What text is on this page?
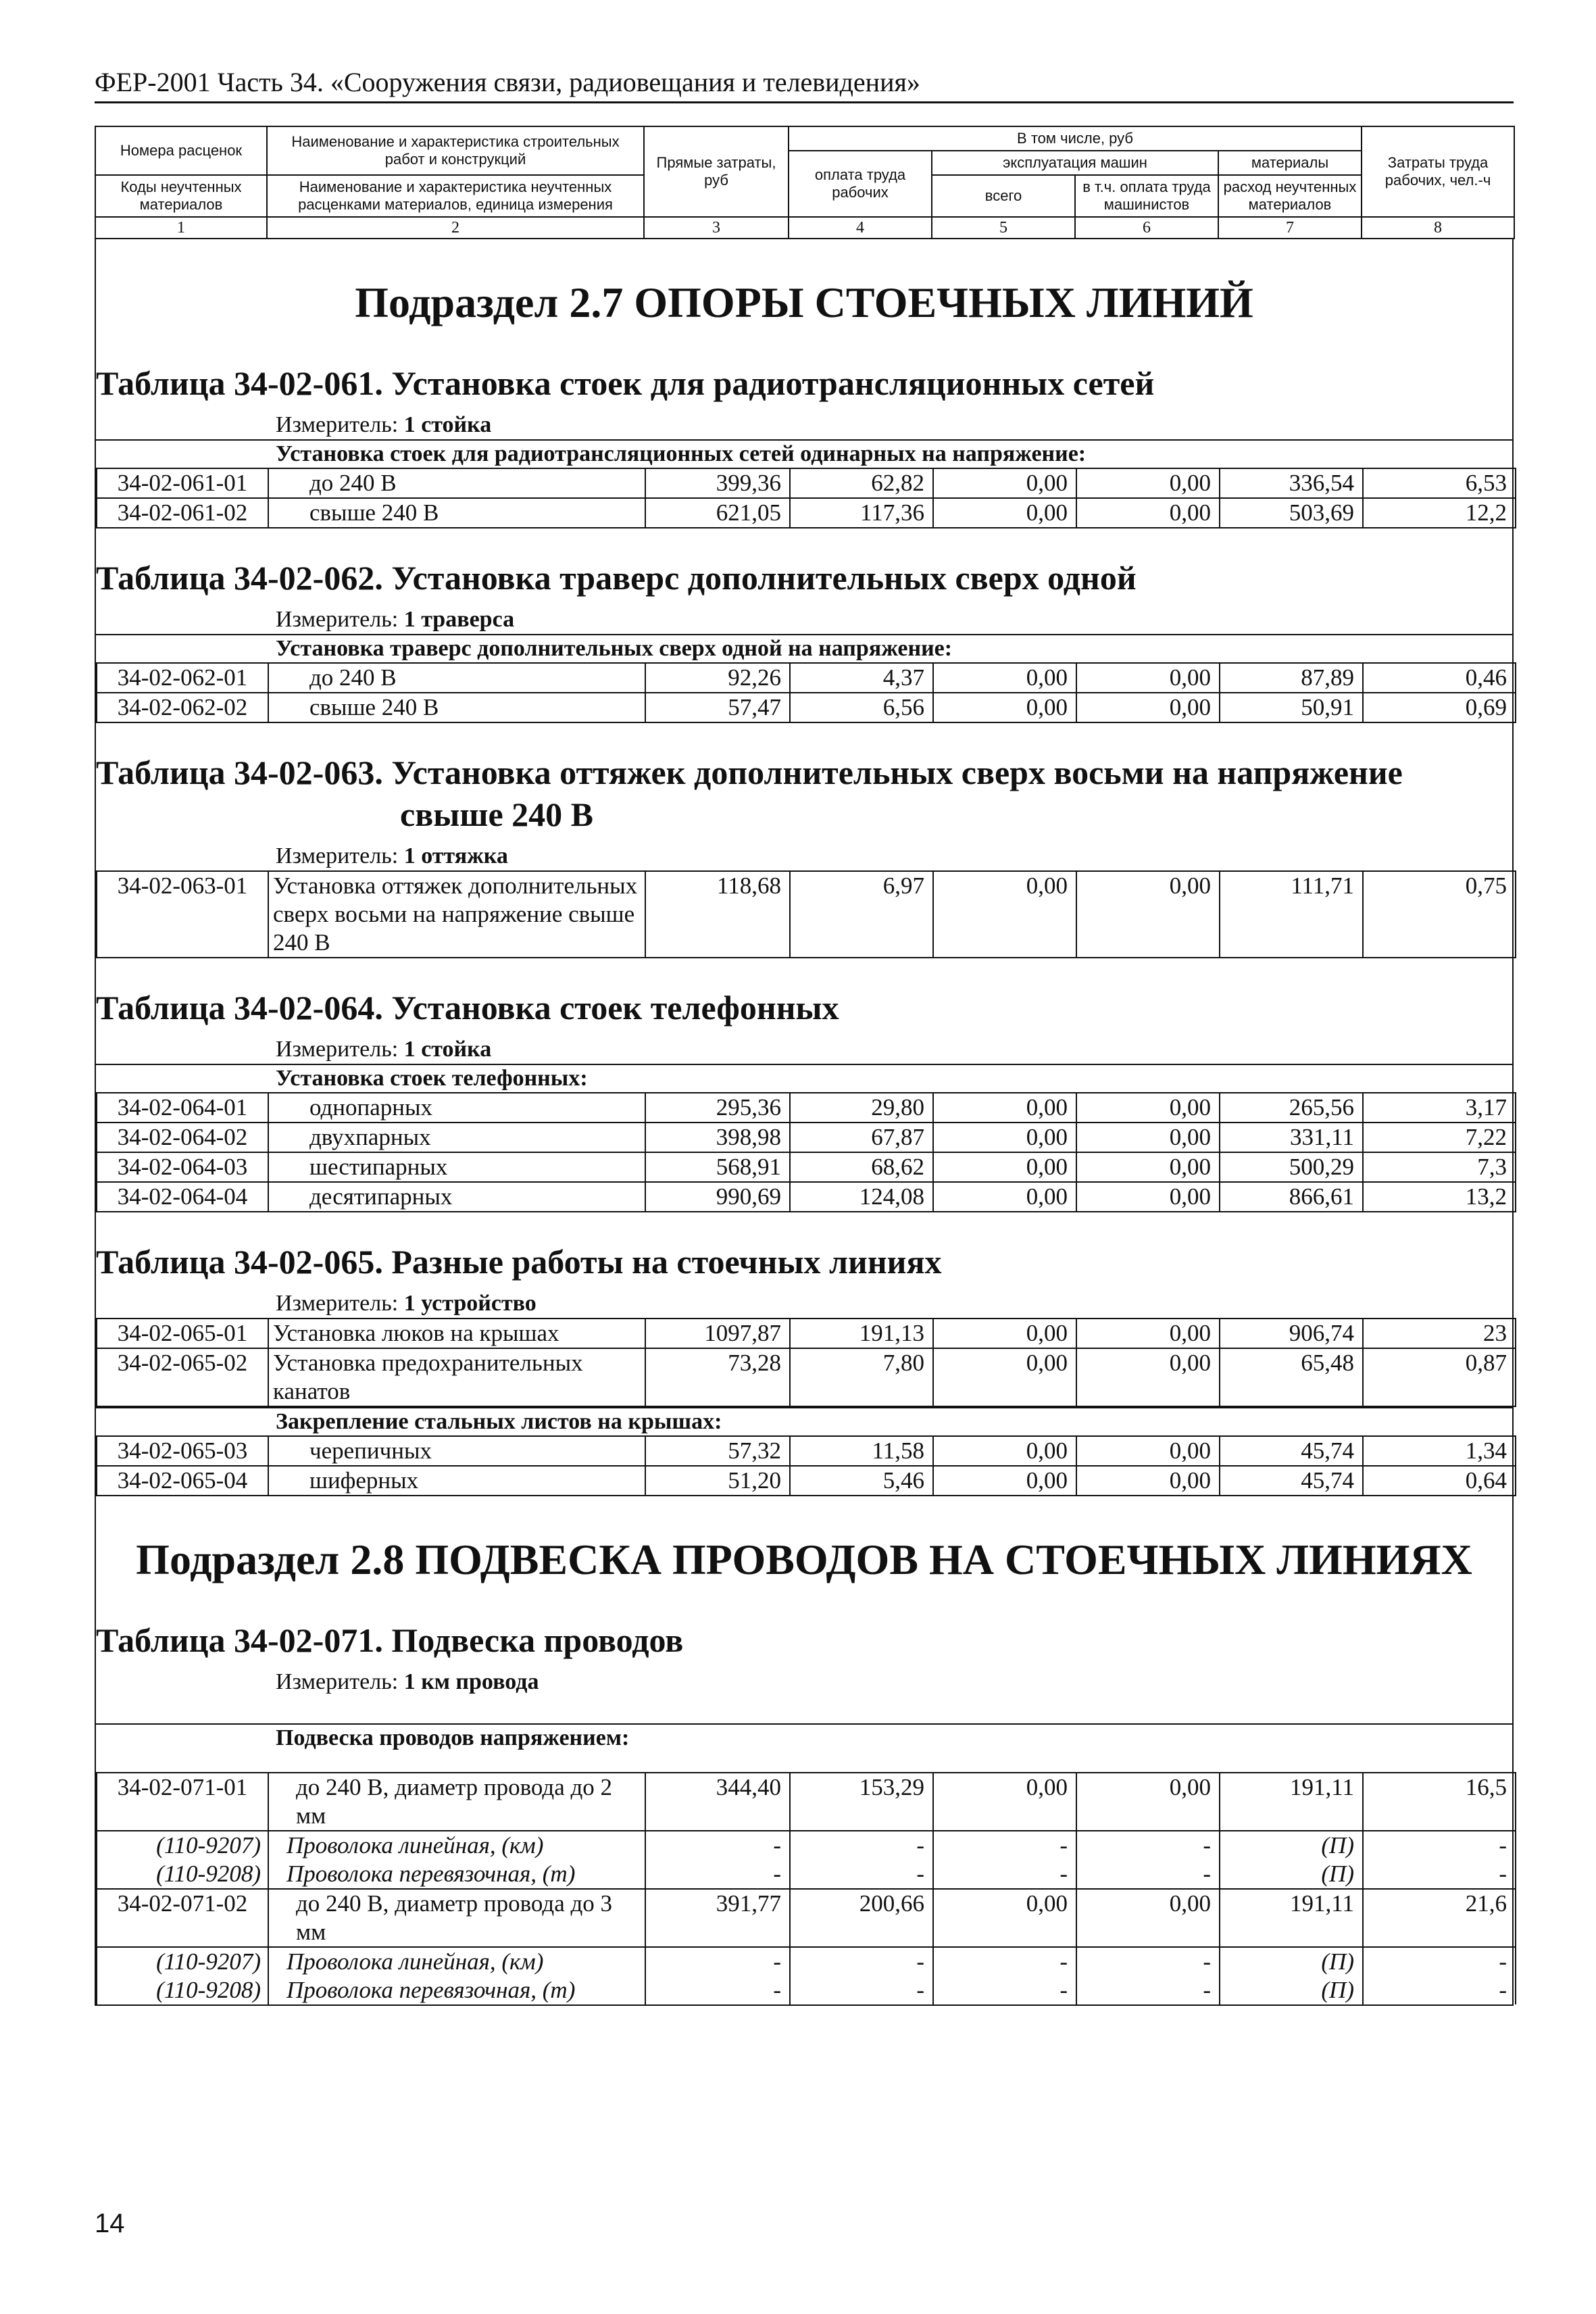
ФЕР-2001 Часть 34. «Сооружения связи, радиовещания и телевидения»
Номера расценок	Наименование и характеристика строительных работ и конструкций	Прямые затраты, руб	В том числе, руб				Затраты труда рабочих, чел.-ч
			оплата труда рабочих	эксплуатация машин		материалы	
Коды неучтенных материалов	Наименование и характеристика неучтенных расценками материалов, единица измерения			всего	в т.ч. оплата труда машинистов	расход неучтенных материалов	

1	2	3	4	5	6	7	8
Подраздел 2.7 ОПОРЫ СТОЕЧНЫХ ЛИНИЙ
Таблица 34-02-061. Установка стоек для радиотрансляционных сетей
Измеритель: 1 стойка
Установка стоек для радиотрансляционных сетей одинарных на напряжение:
34-02-061-01	до 240 В	399,36	62,82	0,00	0,00	336,54	6,53
34-02-061-02	свыше 240 В	621,05	117,36	0,00	0,00	503,69	12,2
Таблица 34-02-062. Установка траверс дополнительных сверх одной
Измеритель: 1 траверса
Установка траверс дополнительных сверх одной на напряжение:
34-02-062-01	до 240 В	92,26	4,37	0,00	0,00	87,89	0,46
34-02-062-02	свыше 240 В	57,47	6,56	0,00	0,00	50,91	0,69
Таблица 34-02-063. Установка оттяжек дополнительных сверх восьми на напряжение
свыше 240 В
Измеритель: 1 оттяжка
34-02-063-01	Установка оттяжек дополнительных сверх восьми на напряжение свыше 240 В	118,68	6,97	0,00	0,00	111,71	0,75
Таблица 34-02-064. Установка стоек телефонных
Измеритель: 1 стойка
Установка стоек телефонных:
34-02-064-01	однопарных	295,36	29,80	0,00	0,00	265,56	3,17
34-02-064-02	двухпарных	398,98	67,87	0,00	0,00	331,11	7,22
34-02-064-03	шестипарных	568,91	68,62	0,00	0,00	500,29	7,3
34-02-064-04	десятипарных	990,69	124,08	0,00	0,00	866,61	13,2
Таблица 34-02-065. Разные работы на стоечных линиях
Измеритель: 1 устройство
34-02-065-01	Установка люков на крышах	1097,87	191,13	0,00	0,00	906,74	23
34-02-065-02	Установка предохранительных канатов	73,28	7,80	0,00	0,00	65,48	0,87
Закрепление стальных листов на крышах:
34-02-065-03	черепичных	57,32	11,58	0,00	0,00	45,74	1,34
34-02-065-04	шиферных	51,20	5,46	0,00	0,00	45,74	0,64
Подраздел 2.8 ПОДВЕСКА ПРОВОДОВ НА СТОЕЧНЫХ ЛИНИЯХ
Таблица 34-02-071. Подвеска проводов
Измеритель: 1 км провода
Подвеска проводов напряжением:
34-02-071-01	до 240 В, диаметр провода до 2 мм	344,40	153,29	0,00	0,00	191,11	16,5
(110-9207)	Проволока линейная, (км)	-	-	-	-	(П)	-
(110-9208)	Проволока перевязочная, (т)	-	-	-	-	(П)	-
34-02-071-02	до 240 В, диаметр провода до 3 мм	391,77	200,66	0,00	0,00	191,11	21,6
(110-9207)	Проволока линейная, (км)	-	-	-	-	(П)	-
(110-9208)	Проволока перевязочная, (т)	-	-	-	-	(П)	-
14
